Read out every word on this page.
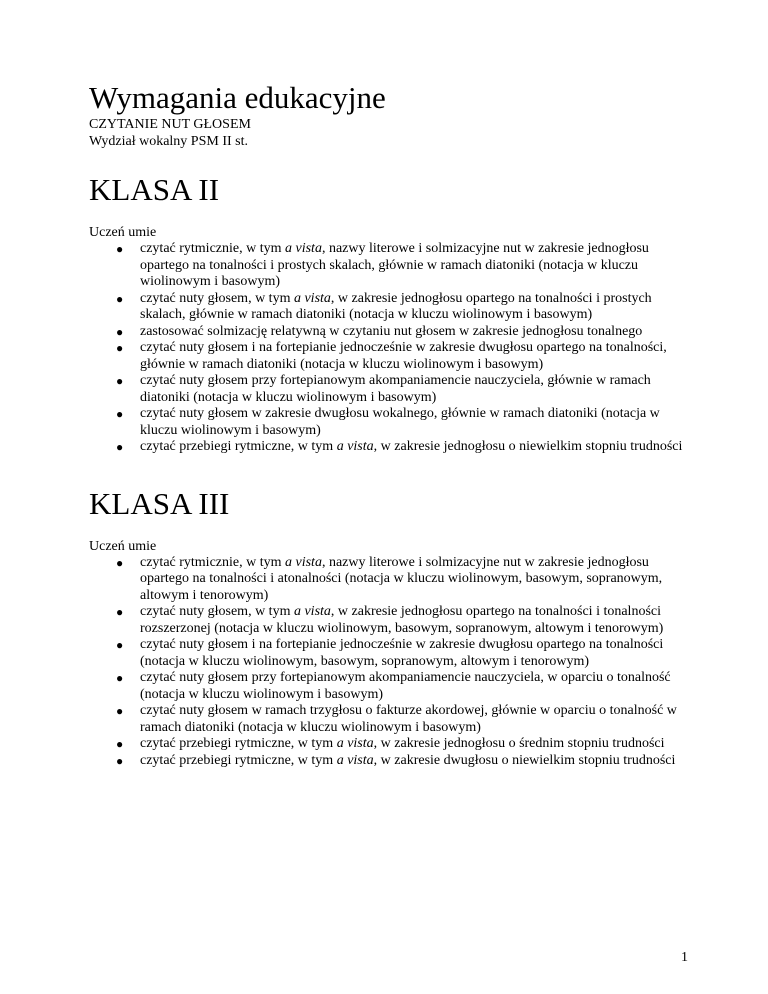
Wymagania edukacyjne

CZYTANIE NUT GŁOSEM

Wydział wokalny PSM II st.

KLASA II

Uczeń umie

● czytać rytmicznie, w tym a vista, nazwy literowe i solmizacyjne nut w zakresie jednogłosu opartego na tonalności i prostych skalach, głównie w ramach diatoniki (notacja w kluczu wiolinowym i basowym)
● czytać nuty głosem, w tym a vista, w zakresie jednogłosu opartego na tonalności i prostych skalach, głównie w ramach diatoniki (notacja w kluczu wiolinowym i basowym)
● zastosować solmizację relatywną w czytaniu nut głosem w zakresie jednogłosu tonalnego
● czytać nuty głosem i na fortepianie jednocześnie w zakresie dwugłosu opartego na tonalności, głównie w ramach diatoniki (notacja w kluczu wiolinowym i basowym)
● czytać nuty głosem przy fortepianowym akompaniamencie nauczyciela, głównie w ramach diatoniki (notacja w kluczu wiolinowym i basowym)
● czytać nuty głosem w zakresie dwugłosu wokalnego, głównie w ramach diatoniki (notacja w kluczu wiolinowym i basowym)
● czytać przebiegi rytmiczne, w tym a vista, w zakresie jednogłosu o niewielkim stopniu trudności
KLASA III

Uczeń umie

● czytać rytmicznie, w tym a vista, nazwy literowe i solmizacyjne nut w zakresie jednogłosu opartego na tonalności i atonalności (notacja w kluczu wiolinowym, basowym, sopranowym, altowym i tenorowym)
● czytać nuty głosem, w tym a vista, w zakresie jednogłosu opartego na tonalności i tonalności rozszerzonej (notacja w kluczu wiolinowym, basowym, sopranowym, altowym i tenorowym)
● czytać nuty głosem i na fortepianie jednocześnie w zakresie dwugłosu opartego na tonalności (notacja w kluczu wiolinowym, basowym, sopranowym, altowym i tenorowym)
● czytać nuty głosem przy fortepianowym akompaniamencie nauczyciela, w oparciu o tonalność (notacja w kluczu wiolinowym i basowym)
● czytać nuty głosem w ramach trzygłosu o fakturze akordowej, głównie w oparciu o tonalność w ramach diatoniki (notacja w kluczu wiolinowym i basowym)
● czytać przebiegi rytmiczne, w tym a vista, w zakresie jednogłosu o średnim stopniu trudności
● czytać przebiegi rytmiczne, w tym a vista, w zakresie dwugłosu o niewielkim stopniu trudności
1
